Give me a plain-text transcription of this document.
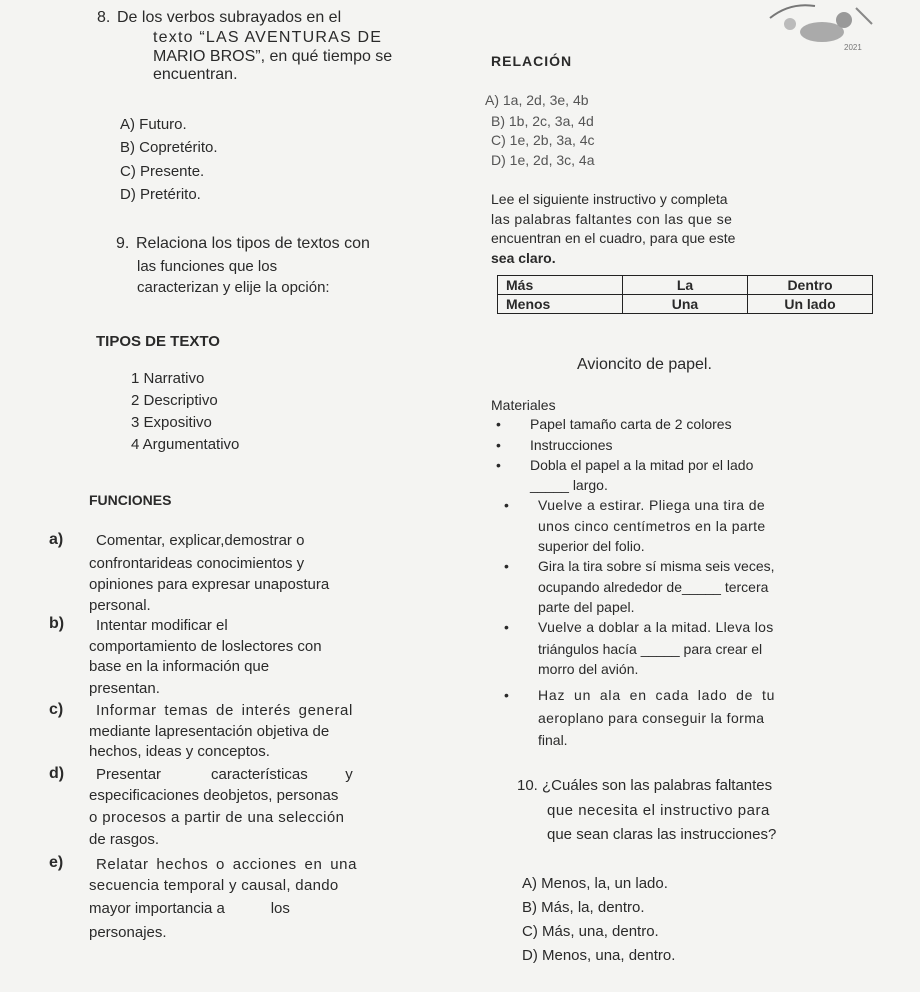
8. De los verbos subrayados en el
texto “LAS AVENTURAS DE
MARIO BROS”, en qué tiempo se
encuentran.
A) Futuro.
B) Copretérito.
C) Presente.
D) Pretérito.
9. Relaciona los tipos de textos con
las funciones que los
caracterizan y elije la opción:
TIPOS DE TEXTO
1 Narrativo
2 Descriptivo
3 Expositivo
4 Argumentativo
FUNCIONES
a) Comentar, explicar,demostrar o
confrontarideas conocimientos y
opiniones para expresar unapostura
personal.
b) Intentar modificar el
comportamiento de loslectores con
base en la información que
presentan.
c) Informar temas de interés general
mediante lapresentación objetiva de
hechos, ideas y conceptos.
d) Presentar            características         y
especificaciones deobjetos, personas
o procesos a partir de una selección
de rasgos.
e) Relatar hechos o acciones en una
secuencia temporal y causal, dando
mayor importancia a           los
personajes.
2021
RELACIÓN
A) 1a, 2d, 3e, 4b
B) 1b, 2c, 3a, 4d
C) 1e, 2b, 3a, 4c
D) 1e, 2d, 3c, 4a
Lee el siguiente instructivo y completa
las palabras faltantes con las que se
encuentran en el cuadro, para que este
sea claro.
Más	La	Dentro
Menos	Una	Un lado
Avioncito de papel.
Materiales
• Papel tamaño carta de 2 colores
• Instrucciones
• Dobla el papel a la mitad por el lado
_____ largo.
• Vuelve a estirar. Pliega una tira de
unos cinco centímetros en la parte
superior del folio.
• Gira la tira sobre sí misma seis veces,
ocupando alrededor de_____ tercera
parte del papel.
• Vuelve a doblar a la mitad. Lleva los
triángulos hacía _____ para crear el
morro del avión.
• Haz un ala en cada lado de tu
aeroplano para conseguir la forma
final.
10. ¿Cuáles son las palabras faltantes
que necesita el instructivo para
que sean claras las instrucciones?
A) Menos, la, un lado.
B) Más, la, dentro.
C) Más, una, dentro.
D) Menos, una, dentro.
